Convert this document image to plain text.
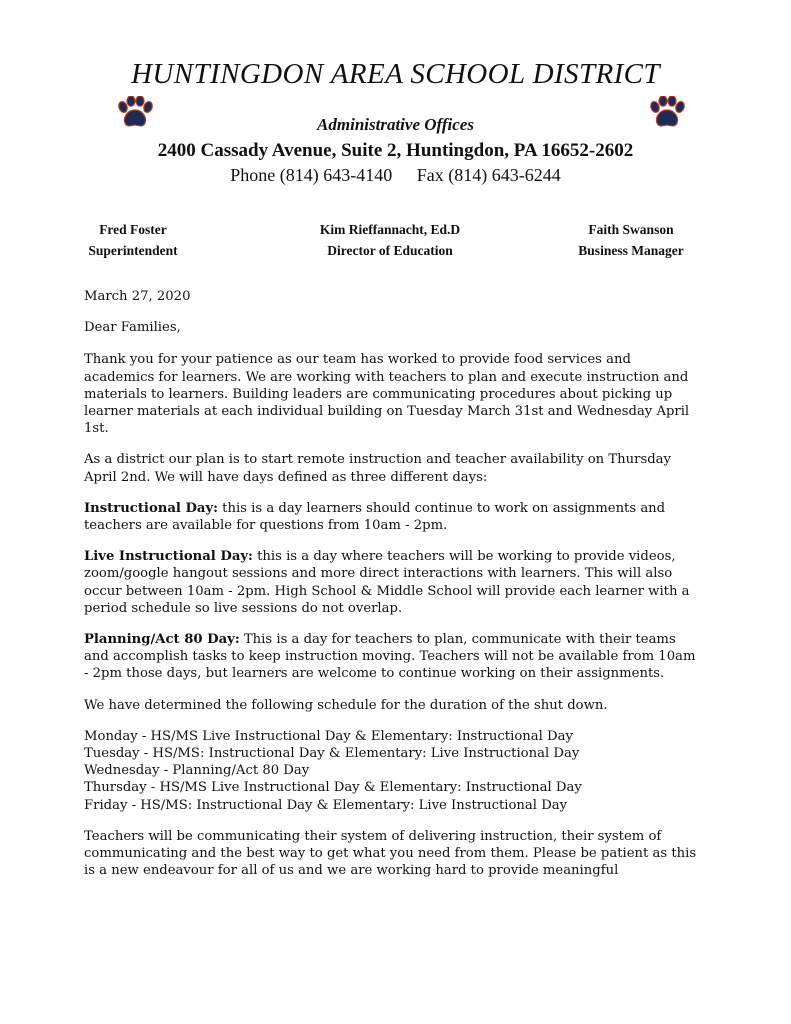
HUNTINGDON AREA SCHOOL DISTRICT
Administrative Offices
2400 Cassady Avenue, Suite 2, Huntingdon, PA 16652-2602
Phone (814) 643-4140 Fax (814) 643-6244
Fred Foster
Superintendent
Kim Rieffannacht, Ed.D
Director of Education
Faith Swanson
Business Manager

March 27, 2020

Dear Families,

Thank you for your patience as our team has worked to provide food services and academics for learners. We are working with teachers to plan and execute instruction and materials to learners. Building leaders are communicating procedures about picking up learner materials at each individual building on Tuesday March 31st and Wednesday April 1st.

As a district our plan is to start remote instruction and teacher availability on Thursday April 2nd. We will have days defined as three different days:

Instructional Day: this is a day learners should continue to work on assignments and teachers are available for questions from 10am - 2pm.

Live Instructional Day: this is a day where teachers will be working to provide videos, zoom/google hangout sessions and more direct interactions with learners. This will also occur between 10am - 2pm. High School & Middle School will provide each learner with a period schedule so live sessions do not overlap.

Planning/Act 80 Day: This is a day for teachers to plan, communicate with their teams and accomplish tasks to keep instruction moving. Teachers will not be available from 10am - 2pm those days, but learners are welcome to continue working on their assignments.

We have determined the following schedule for the duration of the shut down.

Monday - HS/MS Live Instructional Day & Elementary: Instructional Day
Tuesday - HS/MS: Instructional Day & Elementary: Live Instructional Day
Wednesday - Planning/Act 80 Day
Thursday - HS/MS Live Instructional Day & Elementary: Instructional Day
Friday - HS/MS: Instructional Day & Elementary: Live Instructional Day

Teachers will be communicating their system of delivering instruction, their system of communicating and the best way to get what you need from them. Please be patient as this is a new endeavour for all of us and we are working hard to provide meaningful
